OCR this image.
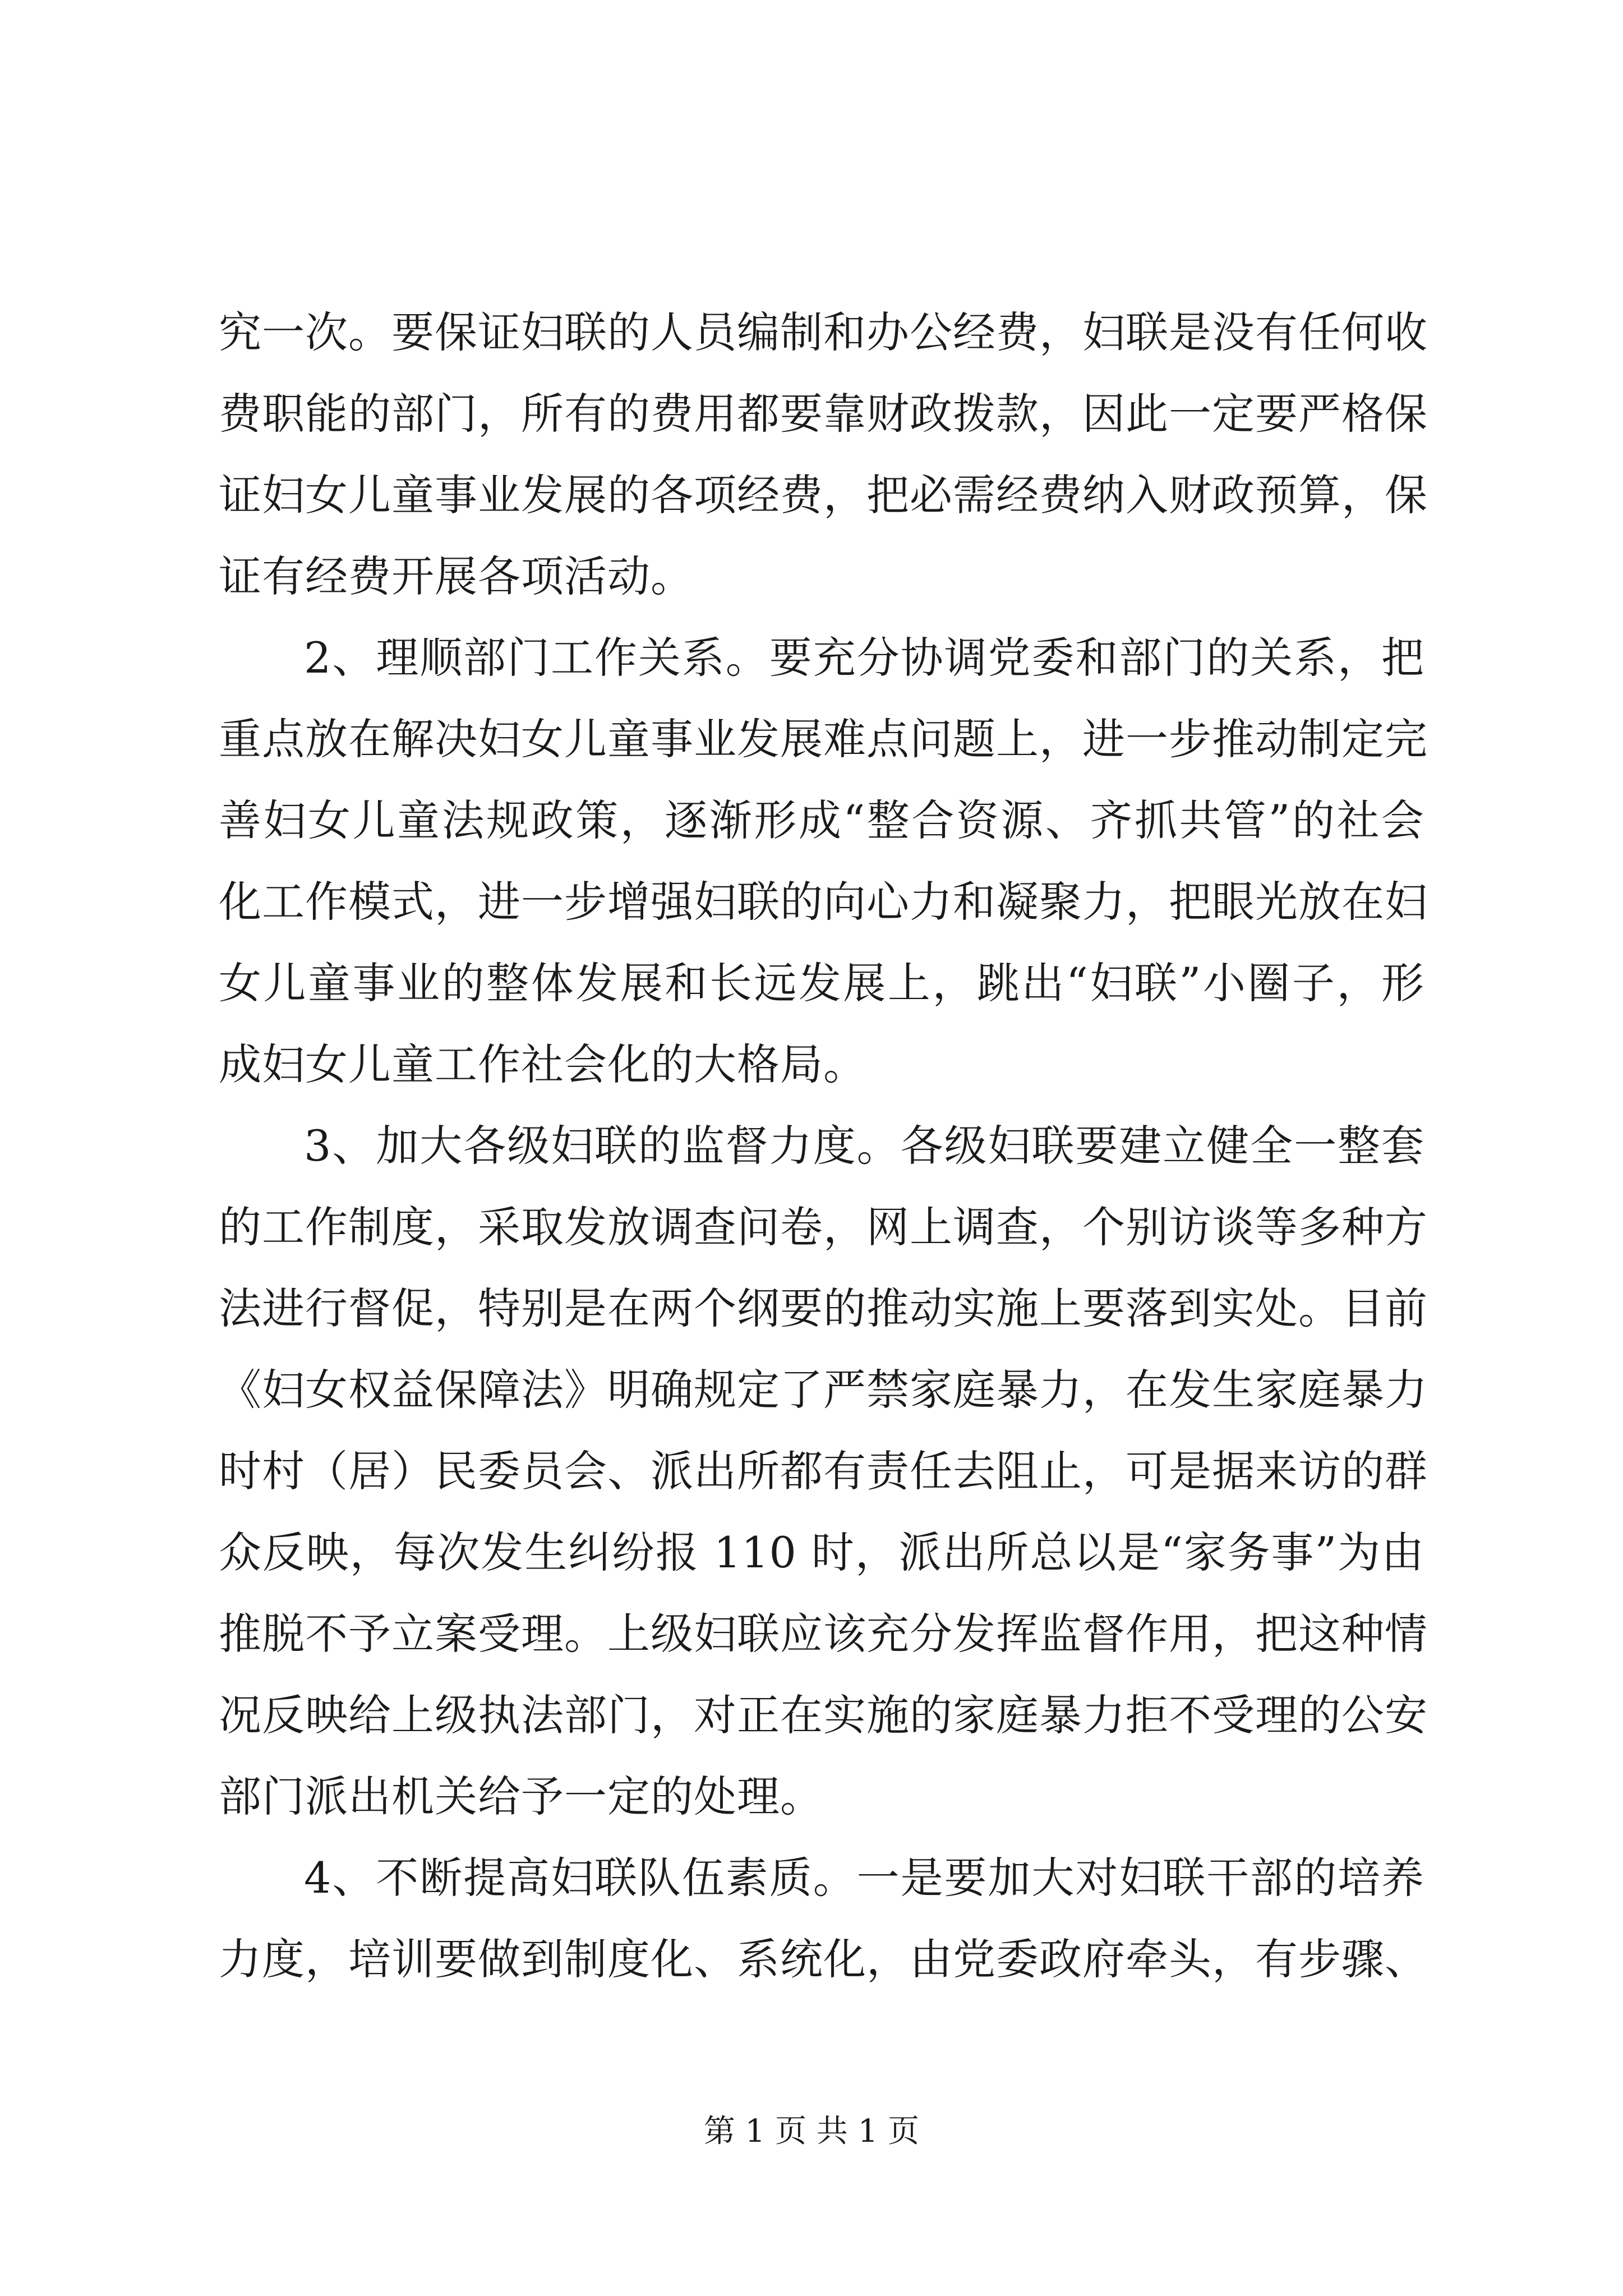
究一次。要保证妇联的人员编制和办公经费，妇联是没有任何收
费职能的部门，所有的费用都要靠财政拨款，因此一定要严格保
证妇女儿童事业发展的各项经费，把必需经费纳入财政预算，保
证有经费开展各项活动。
2、理顺部门工作关系。要充分协调党委和部门的关系，把
重点放在解决妇女儿童事业发展难点问题上，进一步推动制定完
善妇女儿童法规政策，逐渐形成“整合资源、齐抓共管”的社会
化工作模式，进一步增强妇联的向心力和凝聚力，把眼光放在妇
女儿童事业的整体发展和长远发展上，跳出“妇联”小圈子，形
成妇女儿童工作社会化的大格局。
3、加大各级妇联的监督力度。各级妇联要建立健全一整套
的工作制度，采取发放调查问卷，网上调查，个别访谈等多种方
法进行督促，特别是在两个纲要的推动实施上要落到实处。目前
《妇女权益保障法》明确规定了严禁家庭暴力，在发生家庭暴力
时村（居）民委员会、派出所都有责任去阻止，可是据来访的群
众反映，每次发生纠纷报 110 时，派出所总以是“家务事”为由
推脱不予立案受理。上级妇联应该充分发挥监督作用，把这种情
况反映给上级执法部门，对正在实施的家庭暴力拒不受理的公安
部门派出机关给予一定的处理。
4、不断提高妇联队伍素质。一是要加大对妇联干部的培养
力度，培训要做到制度化、系统化，由党委政府牵头，有步骤、
第 1 页 共 1 页
